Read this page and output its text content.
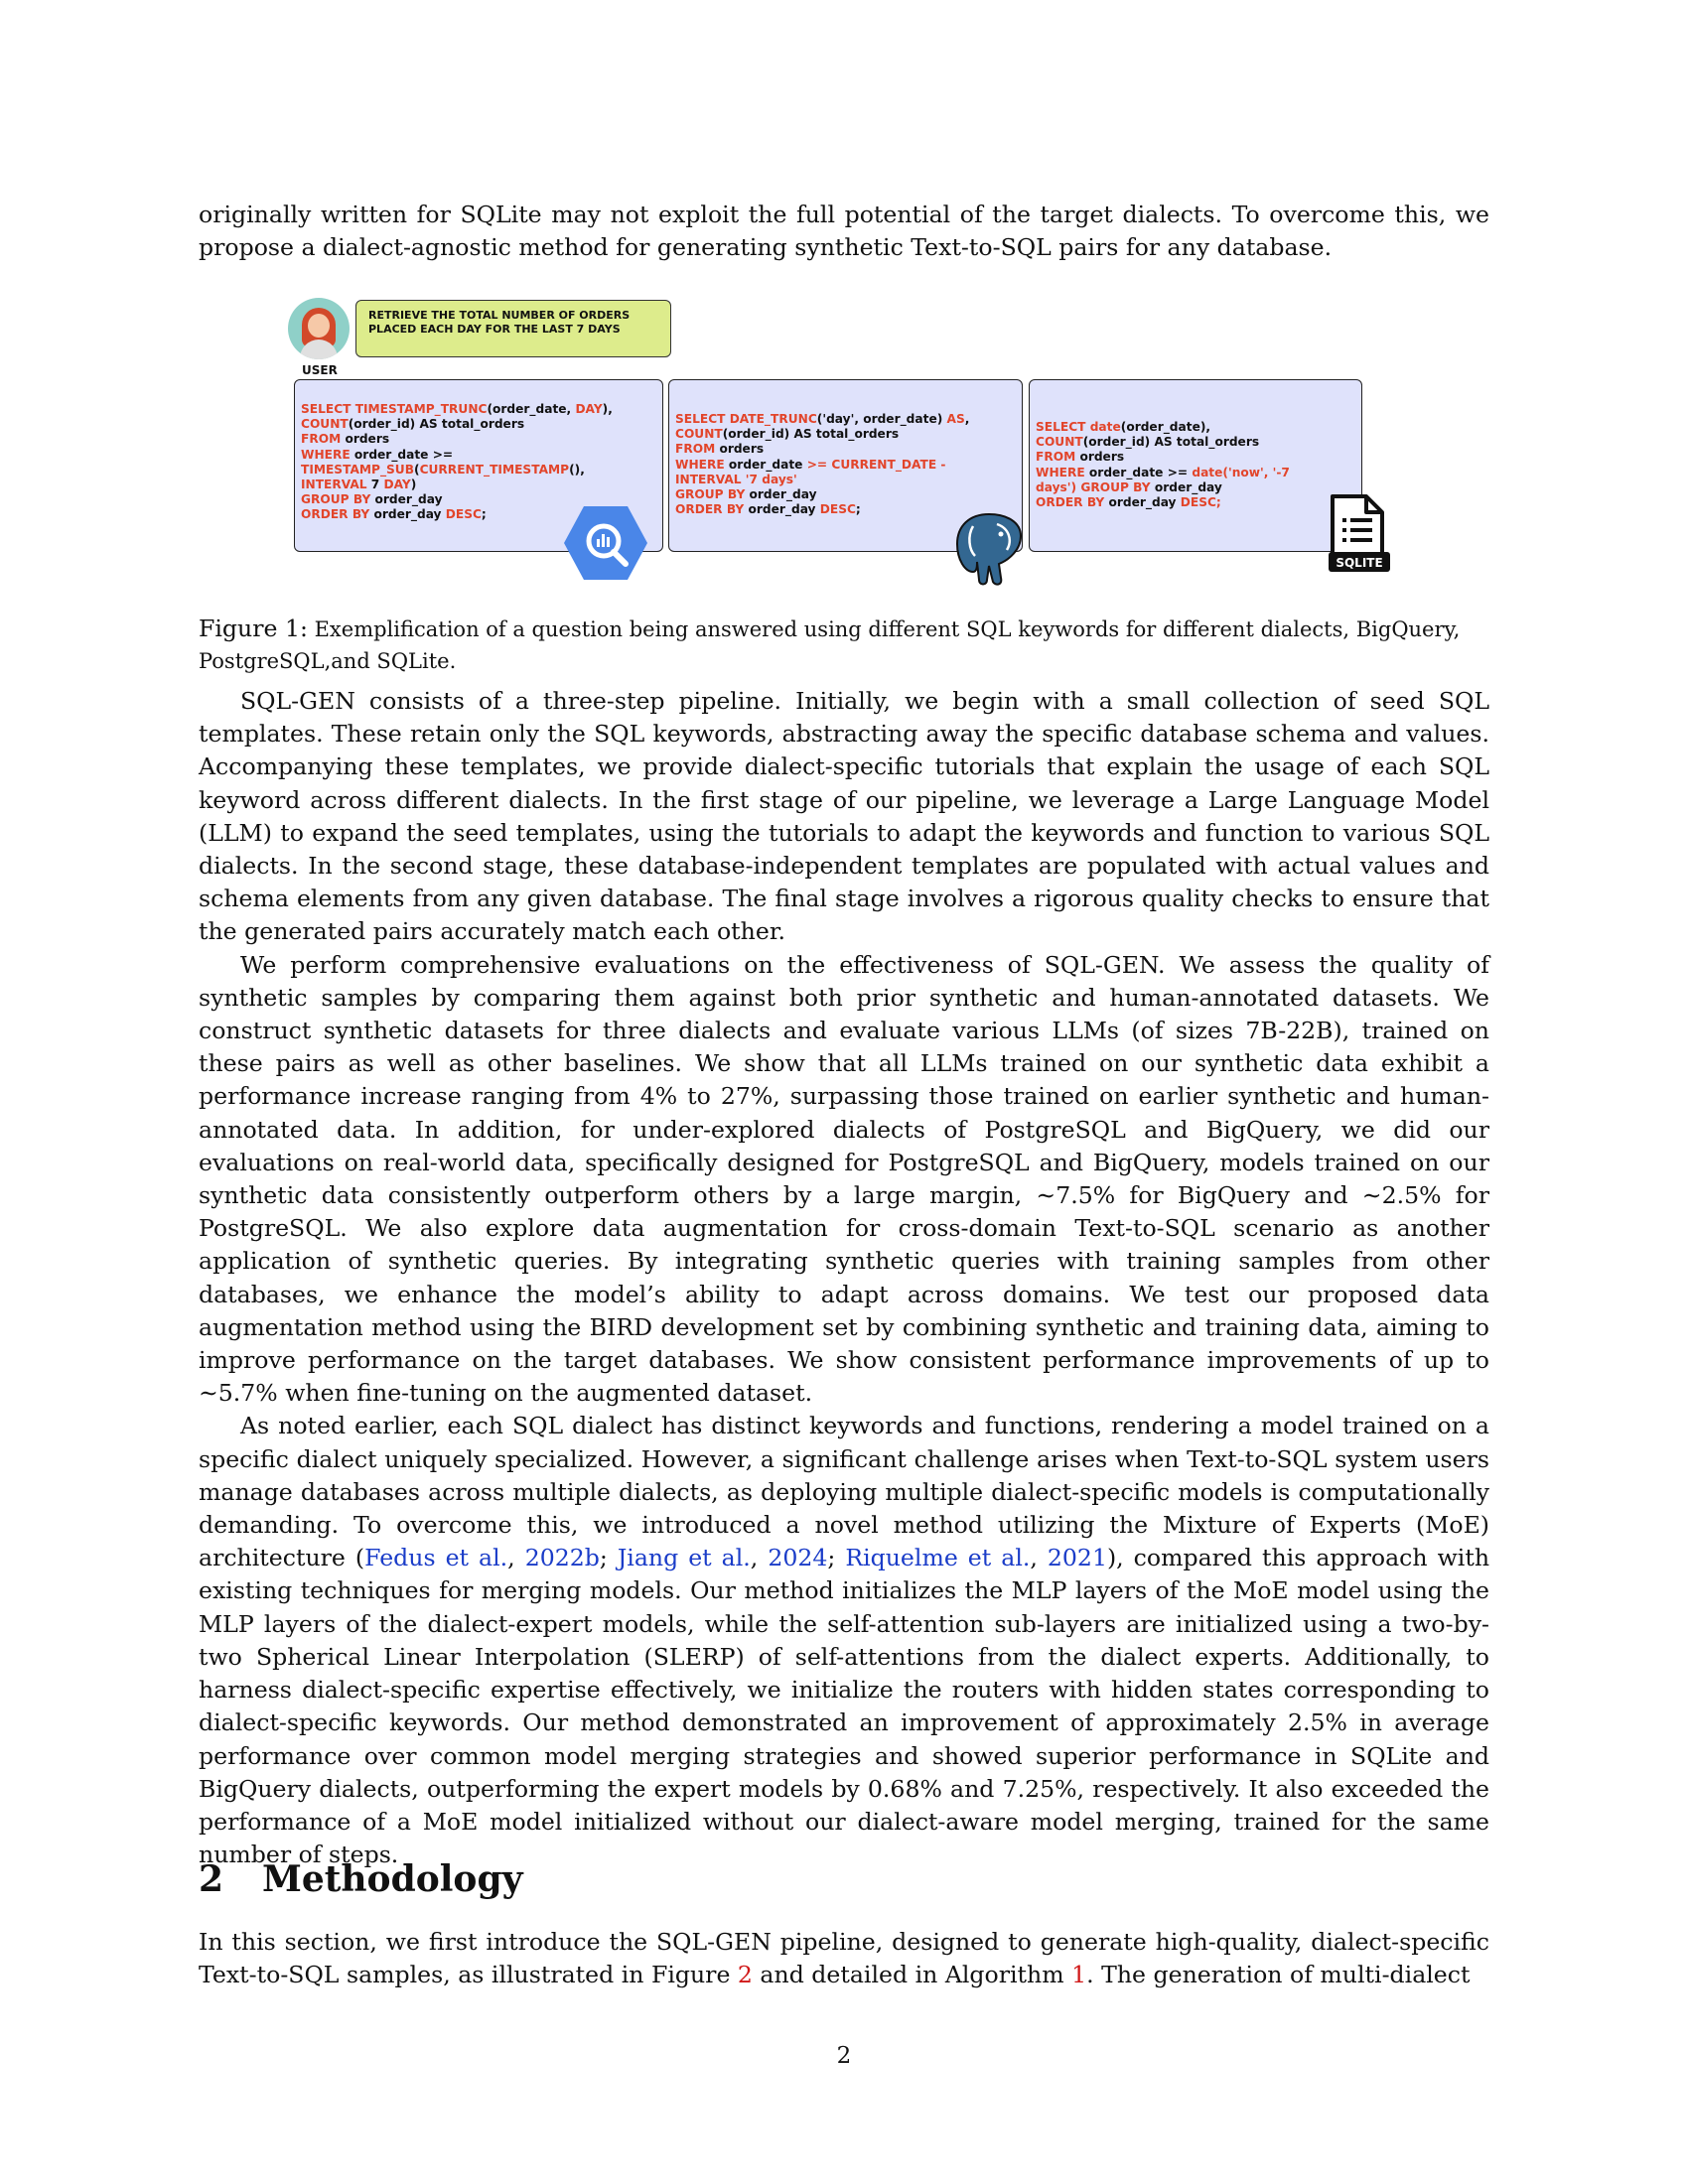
originally written for SQLite may not exploit the full potential of the target dialects. To overcome this, we propose a dialect-agnostic method for generating synthetic Text-to-SQL pairs for any database.

USER
RETRIEVE THE TOTAL NUMBER OF ORDERS PLACED EACH DAY FOR THE LAST 7 DAYS
SELECT TIMESTAMP_TRUNC(order_date, DAY),
COUNT(order_id) AS total_orders
FROM orders
WHERE order_date >=
TIMESTAMP_SUB(CURRENT_TIMESTAMP(),
INTERVAL 7 DAY)
GROUP BY order_day
ORDER BY order_day DESC;
SELECT DATE_TRUNC('day', order_date) AS,
COUNT(order_id) AS total_orders
FROM orders
WHERE order_date >= CURRENT_DATE -
INTERVAL '7 days'
GROUP BY order_day
ORDER BY order_day DESC;
SELECT date(order_date),
COUNT(order_id) AS total_orders
FROM orders
WHERE order_date >= date('now', '-7
days') GROUP BY order_day
ORDER BY order_day DESC;
SQLITE

Figure 1: Exemplification of a question being answered using different SQL keywords for different dialects, BigQuery, PostgreSQL,and SQLite.

SQL-GEN consists of a three-step pipeline. Initially, we begin with a small collection of seed SQL templates. These retain only the SQL keywords, abstracting away the specific database schema and values. Accompanying these templates, we provide dialect-specific tutorials that explain the usage of each SQL keyword across different dialects. In the first stage of our pipeline, we leverage a Large Language Model (LLM) to expand the seed templates, using the tutorials to adapt the keywords and function to various SQL dialects. In the second stage, these database-independent templates are populated with actual values and schema elements from any given database. The final stage involves a rigorous quality checks to ensure that the generated pairs accurately match each other.

We perform comprehensive evaluations on the effectiveness of SQL-GEN. We assess the quality of synthetic samples by comparing them against both prior synthetic and human-annotated datasets. We construct synthetic datasets for three dialects and evaluate various LLMs (of sizes 7B-22B), trained on these pairs as well as other baselines. We show that all LLMs trained on our synthetic data exhibit a performance increase ranging from 4% to 27%, surpassing those trained on earlier synthetic and human-annotated data. In addition, for under-explored dialects of PostgreSQL and BigQuery, we did our evaluations on real-world data, specifically designed for PostgreSQL and BigQuery, models trained on our synthetic data consistently outperform others by a large margin, ∼7.5% for BigQuery and ∼2.5% for PostgreSQL. We also explore data augmentation for cross-domain Text-to-SQL scenario as another application of synthetic queries. By integrating synthetic queries with training samples from other databases, we enhance the model’s ability to adapt across domains. We test our proposed data augmentation method using the BIRD development set by combining synthetic and training data, aiming to improve performance on the target databases. We show consistent performance improvements of up to ∼5.7% when fine-tuning on the augmented dataset.

As noted earlier, each SQL dialect has distinct keywords and functions, rendering a model trained on a specific dialect uniquely specialized. However, a significant challenge arises when Text-to-SQL system users manage databases across multiple dialects, as deploying multiple dialect-specific models is computationally demanding. To overcome this, we introduced a novel method utilizing the Mixture of Experts (MoE) architecture (Fedus et al., 2022b; Jiang et al., 2024; Riquelme et al., 2021), compared this approach with existing techniques for merging models. Our method initializes the MLP layers of the MoE model using the MLP layers of the dialect-expert models, while the self-attention sub-layers are initialized using a two-by-two Spherical Linear Interpolation (SLERP) of self-attentions from the dialect experts. Additionally, to harness dialect-specific expertise effectively, we initialize the routers with hidden states corresponding to dialect-specific keywords. Our method demonstrated an improvement of approximately 2.5% in average performance over common model merging strategies and showed superior performance in SQLite and BigQuery dialects, outperforming the expert models by 0.68% and 7.25%, respectively. It also exceeded the performance of a MoE model initialized without our dialect-aware model merging, trained for the same number of steps.

2 Methodology

In this section, we first introduce the SQL-GEN pipeline, designed to generate high-quality, dialect-specific Text-to-SQL samples, as illustrated in Figure 2 and detailed in Algorithm 1. The generation of multi-dialect

2
